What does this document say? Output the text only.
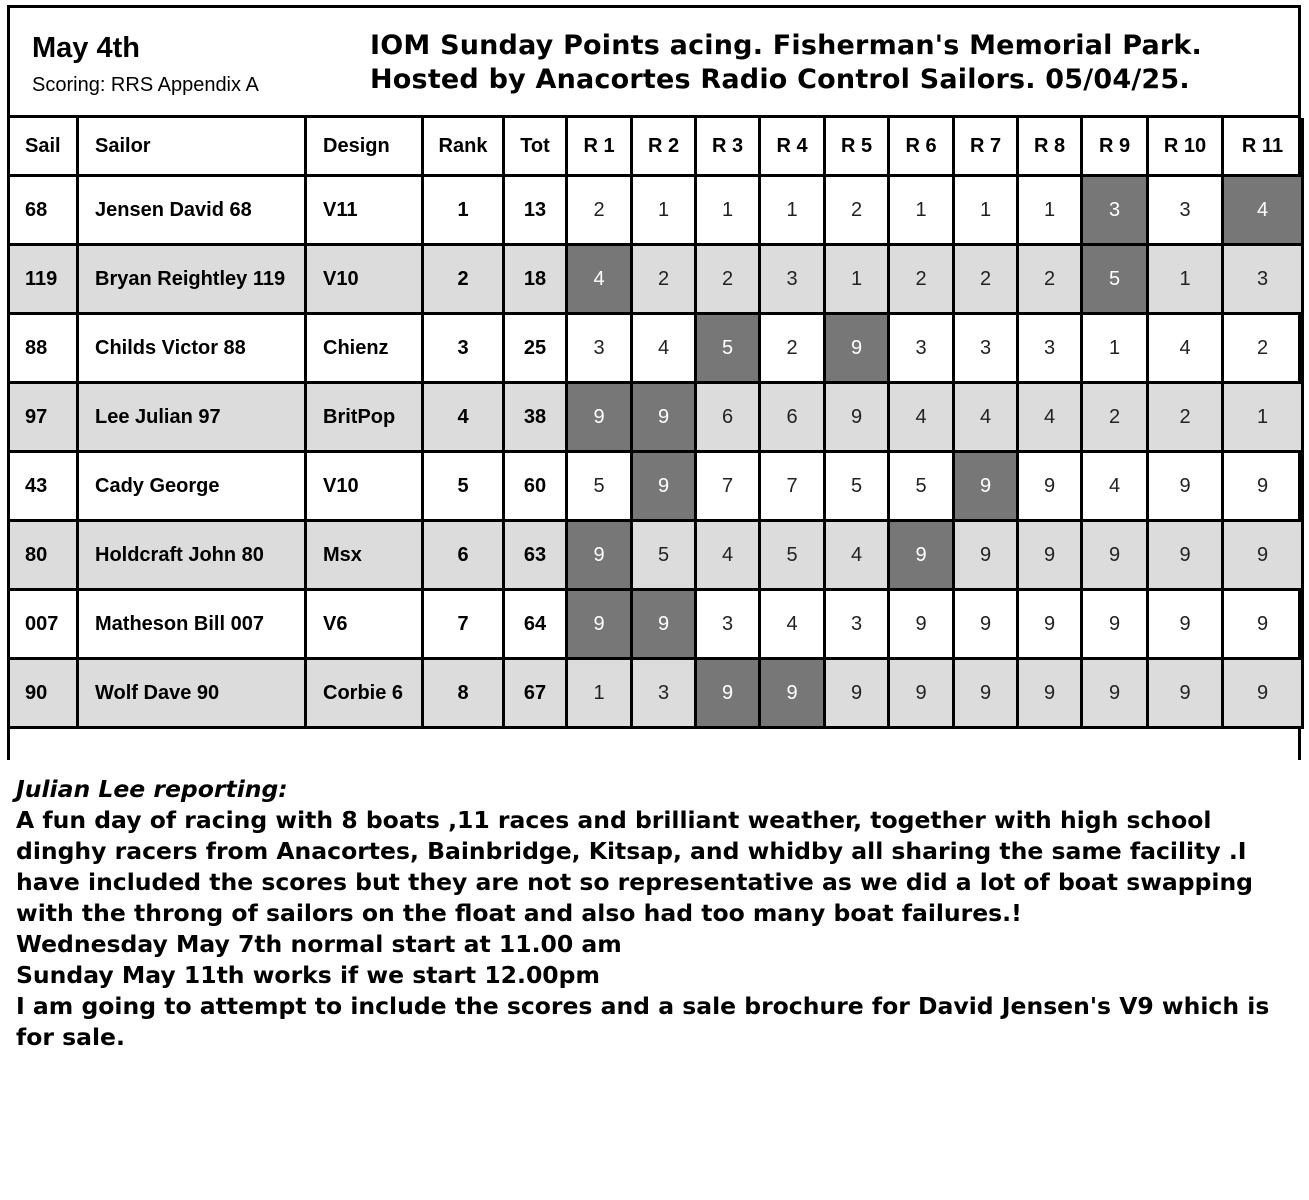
May 4th
Scoring: RRS Appendix A
IOM Sunday Points acing. Fisherman's Memorial Park.
Hosted by Anacortes Radio Control Sailors. 05/04/25.
Sail	Sailor	Design	Rank	Tot	R 1	R 2	R 3	R 4	R 5	R 6	R 7	R 8	R 9	R 10	R 11
68	Jensen David 68	V11	1	13	2	1	1	1	2	1	1	1	3	3	4
119	Bryan Reightley 119	V10	2	18	4	2	2	3	1	2	2	2	5	1	3
88	Childs Victor 88	Chienz	3	25	3	4	5	2	9	3	3	3	1	4	2
97	Lee Julian 97	BritPop	4	38	9	9	6	6	9	4	4	4	2	2	1
43	Cady George	V10	5	60	5	9	7	7	5	5	9	9	4	9	9
80	Holdcraft John 80	Msx	6	63	9	5	4	5	4	9	9	9	9	9	9
007	Matheson Bill 007	V6	7	64	9	9	3	4	3	9	9	9	9	9	9
90	Wolf Dave 90	Corbie 6	8	67	1	3	9	9	9	9	9	9	9	9	9

Julian Lee reporting:

A fun day of racing with 8 boats ,11 races and brilliant weather, together with high school dinghy racers from Anacortes, Bainbridge, Kitsap, and whidby all sharing the same facility .I have included the scores but they are not so representative as we did a lot of boat swapping with the throng of sailors on the float and also had too many boat failures.!

Wednesday May 7th normal start at 11.00 am

Sunday May 11th works if we start 12.00pm

I am going to attempt to include the scores and a sale brochure for David Jensen's V9 which is for sale.
